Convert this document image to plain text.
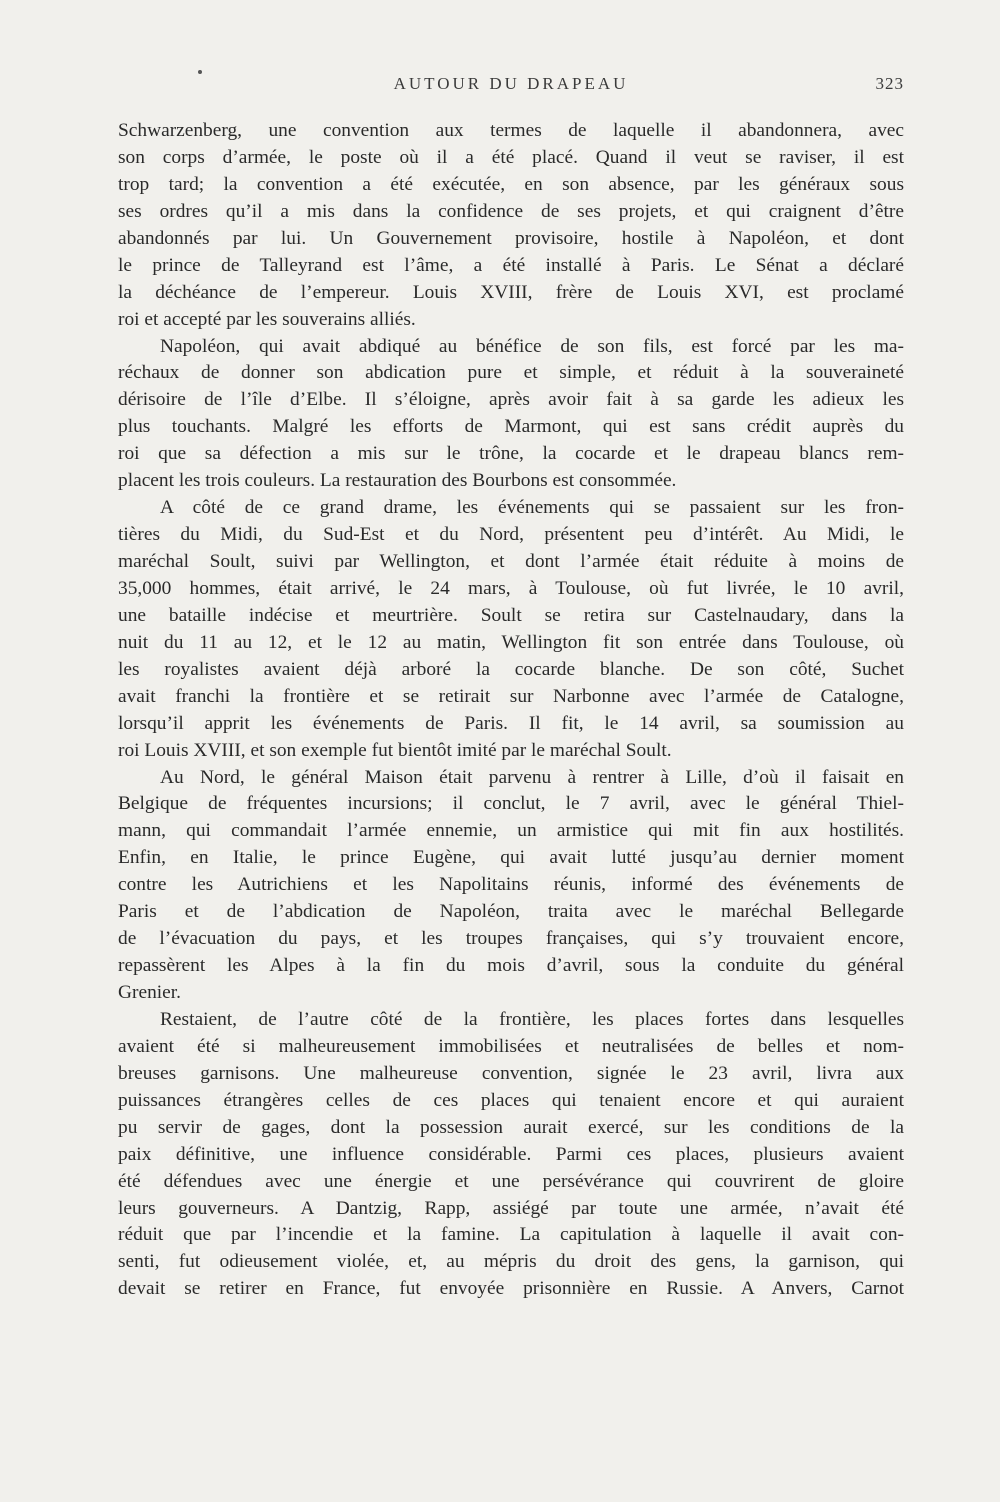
AUTOUR DU DRAPEAU	323
Schwarzenberg, une convention aux termes de laquelle il abandonnera, avec
son corps d’armée, le poste où il a été placé. Quand il veut se raviser, il est
trop tard; la convention a été exécutée, en son absence, par les généraux sous
ses ordres qu’il a mis dans la confidence de ses projets, et qui craignent d’être
abandonnés par lui. Un Gouvernement provisoire, hostile à Napoléon, et dont
le prince de Talleyrand est l’âme, a été installé à Paris. Le Sénat a déclaré
la déchéance de l’empereur. Louis XVIII, frère de Louis XVI, est proclamé
roi et accepté par les souverains alliés.
Napoléon, qui avait abdiqué au bénéfice de son fils, est forcé par les ma-
réchaux de donner son abdication pure et simple, et réduit à la souveraineté
dérisoire de l’île d’Elbe. Il s’éloigne, après avoir fait à sa garde les adieux les
plus touchants. Malgré les efforts de Marmont, qui est sans crédit auprès du
roi que sa défection a mis sur le trône, la cocarde et le drapeau blancs rem-
placent les trois couleurs. La restauration des Bourbons est consommée.
A côté de ce grand drame, les événements qui se passaient sur les fron-
tières du Midi, du Sud-Est et du Nord, présentent peu d’intérêt. Au Midi, le
maréchal Soult, suivi par Wellington, et dont l’armée était réduite à moins de
35,000 hommes, était arrivé, le 24 mars, à Toulouse, où fut livrée, le 10 avril,
une bataille indécise et meurtrière. Soult se retira sur Castelnaudary, dans la
nuit du 11 au 12, et le 12 au matin, Wellington fit son entrée dans Toulouse, où
les royalistes avaient déjà arboré la cocarde blanche. De son côté, Suchet
avait franchi la frontière et se retirait sur Narbonne avec l’armée de Catalogne,
lorsqu’il apprit les événements de Paris. Il fit, le 14 avril, sa soumission au
roi Louis XVIII, et son exemple fut bientôt imité par le maréchal Soult.
Au Nord, le général Maison était parvenu à rentrer à Lille, d’où il faisait en
Belgique de fréquentes incursions; il conclut, le 7 avril, avec le général Thiel-
mann, qui commandait l’armée ennemie, un armistice qui mit fin aux hostilités.
Enfin, en Italie, le prince Eugène, qui avait lutté jusqu’au dernier moment
contre les Autrichiens et les Napolitains réunis, informé des événements de
Paris et de l’abdication de Napoléon, traita avec le maréchal Bellegarde
de l’évacuation du pays, et les troupes françaises, qui s’y trouvaient encore,
repassèrent les Alpes à la fin du mois d’avril, sous la conduite du général
Grenier.
Restaient, de l’autre côté de la frontière, les places fortes dans lesquelles
avaient été si malheureusement immobilisées et neutralisées de belles et nom-
breuses garnisons. Une malheureuse convention, signée le 23 avril, livra aux
puissances étrangères celles de ces places qui tenaient encore et qui auraient
pu servir de gages, dont la possession aurait exercé, sur les conditions de la
paix définitive, une influence considérable. Parmi ces places, plusieurs avaient
été défendues avec une énergie et une persévérance qui couvrirent de gloire
leurs gouverneurs. A Dantzig, Rapp, assiégé par toute une armée, n’avait été
réduit que par l’incendie et la famine. La capitulation à laquelle il avait con-
senti, fut odieusement violée, et, au mépris du droit des gens, la garnison, qui
devait se retirer en France, fut envoyée prisonnière en Russie. A Anvers, Carnot
